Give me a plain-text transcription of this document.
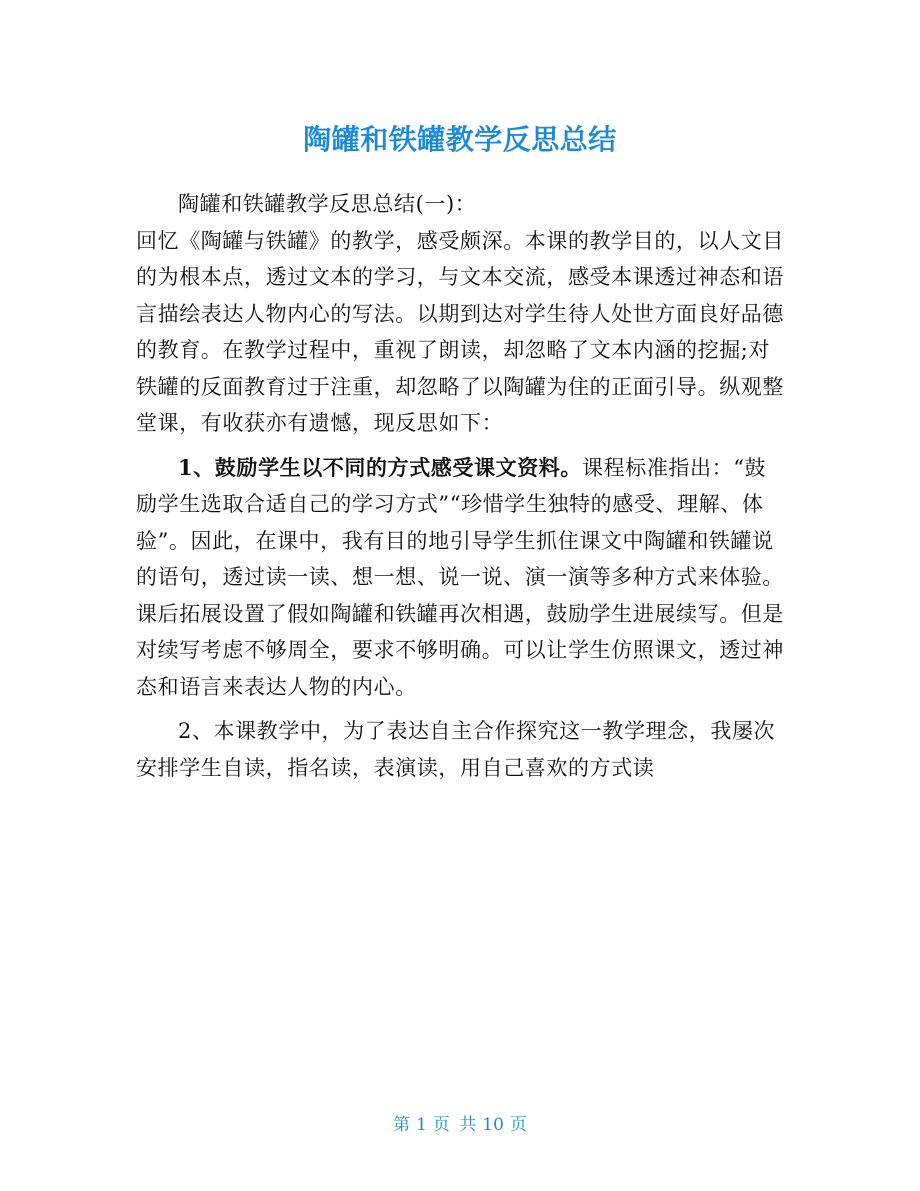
陶罐和铁罐教学反思总结

陶罐和铁罐教学反思总结(一)：

回忆《陶罐与铁罐》的教学，感受颇深。本课的教学目的，以人文目的为根本点，透过文本的学习，与文本交流，感受本课透过神态和语言描绘表达人物内心的写法。以期到达对学生待人处世方面良好品德的教育。在教学过程中，重视了朗读，却忽略了文本内涵的挖掘;对铁罐的反面教育过于注重，却忽略了以陶罐为住的正面引导。纵观整堂课，有收获亦有遗憾，现反思如下：

1、鼓励学生以不同的方式感受课文资料。课程标准指出：“鼓励学生选取合适自己的学习方式”“珍惜学生独特的感受、理解、体验”。因此，在课中，我有目的地引导学生抓住课文中陶罐和铁罐说的语句，透过读一读、想一想、说一说、演一演等多种方式来体验。课后拓展设置了假如陶罐和铁罐再次相遇，鼓励学生进展续写。但是对续写考虑不够周全，要求不够明确。可以让学生仿照课文，透过神态和语言来表达人物的内心。

2、本课教学中，为了表达自主合作探究这一教学理念，我屡次安排学生自读，指名读，表演读，用自己喜欢的方式读

第 1 页 共 10 页
